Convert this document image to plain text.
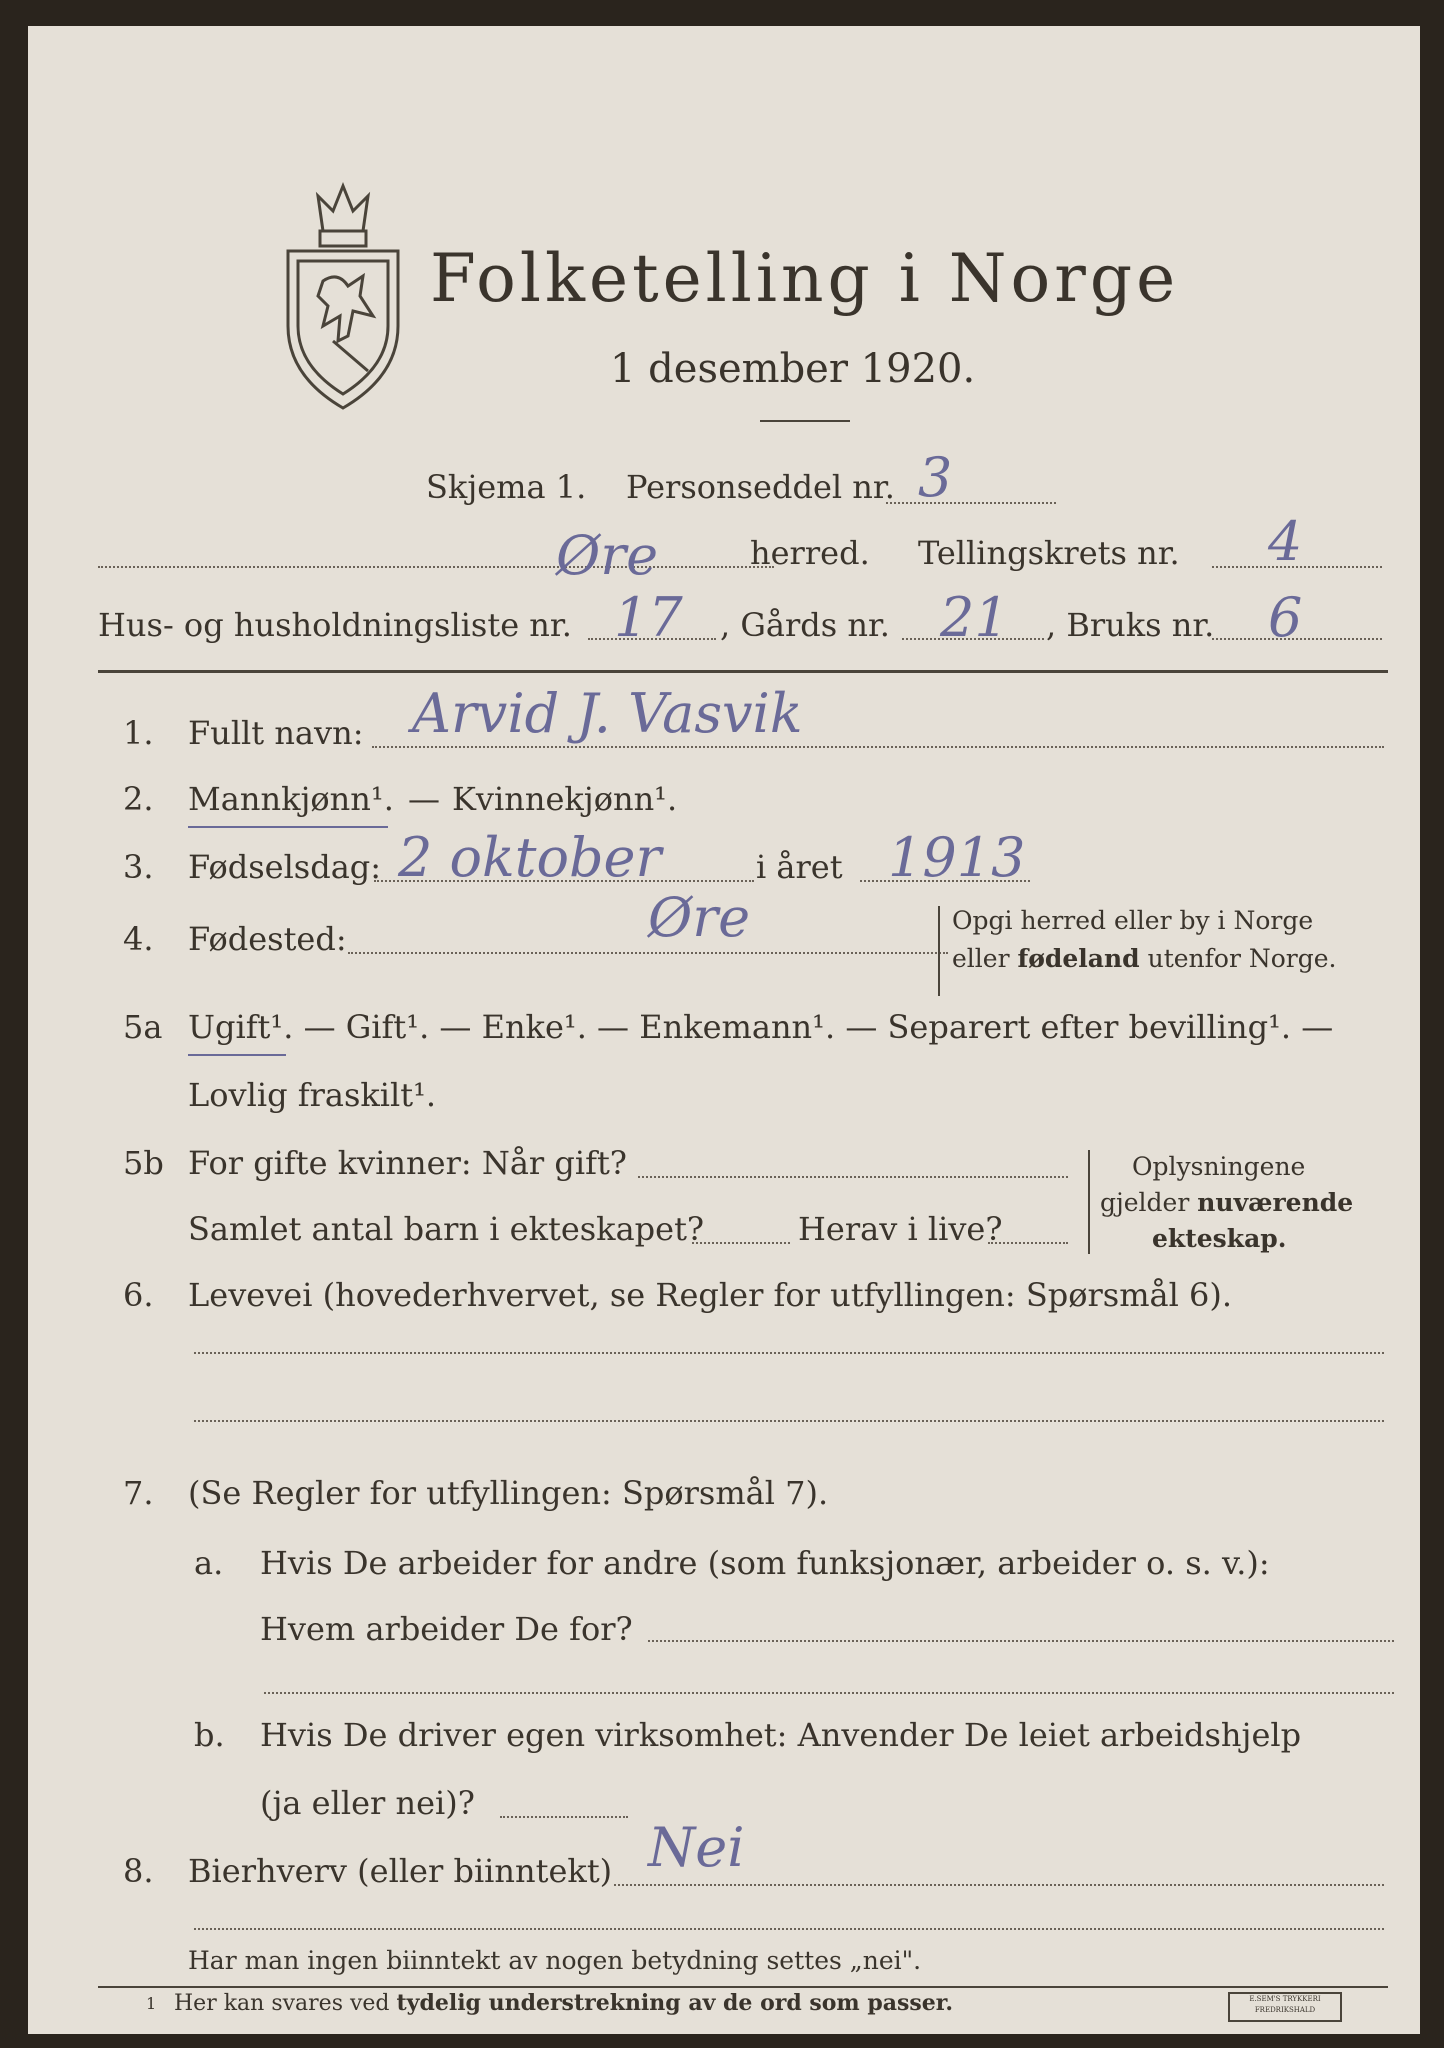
Folketelling i Norge
1 desember 1920.
Skjema 1. Personseddel nr. 3
Øre	herred. Tellingskrets nr. 4
Hus- og husholdningsliste nr. 17 , Gårds nr. 21 , Bruks nr. 6
1. Fullt navn: Arvid J. Vasvik
2. Mannkjønn¹. — Kvinnekjønn¹.
3. Fødselsdag: 2 oktober	i året 1913
4. Fødested:	Øre	Opgi herred eller by i Norge
eller fødeland utenfor Norge.
5a Ugift¹. — Gift¹. — Enke¹. — Enkemann¹. — Separert efter bevilling¹. —
Lovlig fraskilt¹.
5b For gifte kvinner: Når gift?
Samlet antal barn i ekteskapet?	Herav i live?
Oplysningene
gjelder nuværende
ekteskap.
6. Levevei (hovederhvervet, se Regler for utfyllingen: Spørsmål 6).
7. (Se Regler for utfyllingen: Spørsmål 7).
a. Hvis De arbeider for andre (som funksjonær, arbeider o. s. v.):
Hvem arbeider De for?
b. Hvis De driver egen virksomhet: Anvender De leiet arbeidshjelp
(ja eller nei)?
8. Bierhverv (eller biinntekt) Nei
Har man ingen biinntekt av nogen betydning settes „nei".
1 Her kan svares ved tydelig understrekning av de ord som passer.	E.SEM'S TRYKKERI
FREDRIKSHALD
